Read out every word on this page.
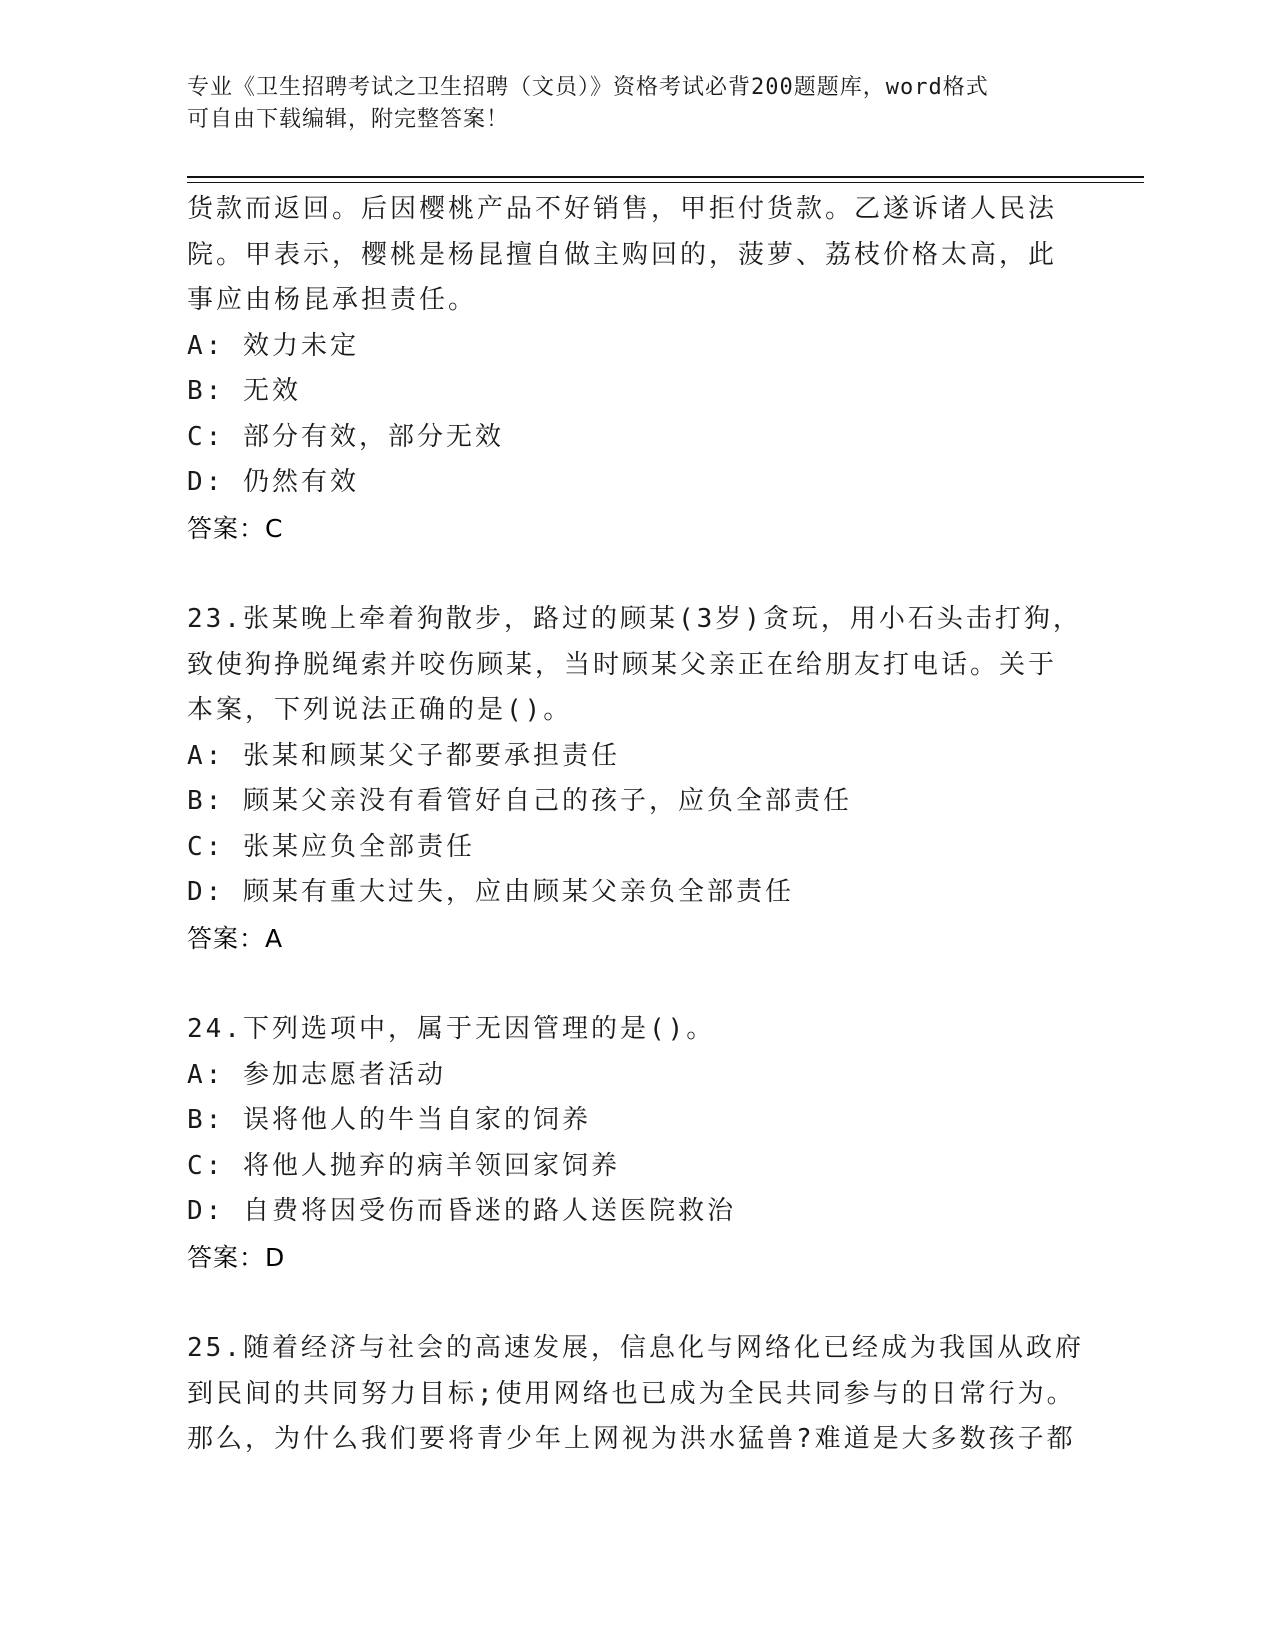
专业《卫生招聘考试之卫生招聘（文员）》资格考试必背200题题库，word格式
可自由下载编辑，附完整答案！
货款而返回。后因樱桃产品不好销售，甲拒付货款。乙遂诉诸人民法
院。甲表示，樱桃是杨昆擅自做主购回的，菠萝、荔枝价格太高，此
事应由杨昆承担责任。
A: 效力未定
B: 无效
C: 部分有效，部分无效
D: 仍然有效
答案：C
23.张某晚上牵着狗散步，路过的顾某(3岁)贪玩，用小石头击打狗，
致使狗挣脱绳索并咬伤顾某，当时顾某父亲正在给朋友打电话。关于
本案，下列说法正确的是()。
A: 张某和顾某父子都要承担责任
B: 顾某父亲没有看管好自己的孩子，应负全部责任
C: 张某应负全部责任
D: 顾某有重大过失，应由顾某父亲负全部责任
答案：A
24.下列选项中，属于无因管理的是()。
A: 参加志愿者活动
B: 误将他人的牛当自家的饲养
C: 将他人抛弃的病羊领回家饲养
D: 自费将因受伤而昏迷的路人送医院救治
答案：D
25.随着经济与社会的高速发展，信息化与网络化已经成为我国从政府
到民间的共同努力目标;使用网络也已成为全民共同参与的日常行为。
那么，为什么我们要将青少年上网视为洪水猛兽?难道是大多数孩子都
